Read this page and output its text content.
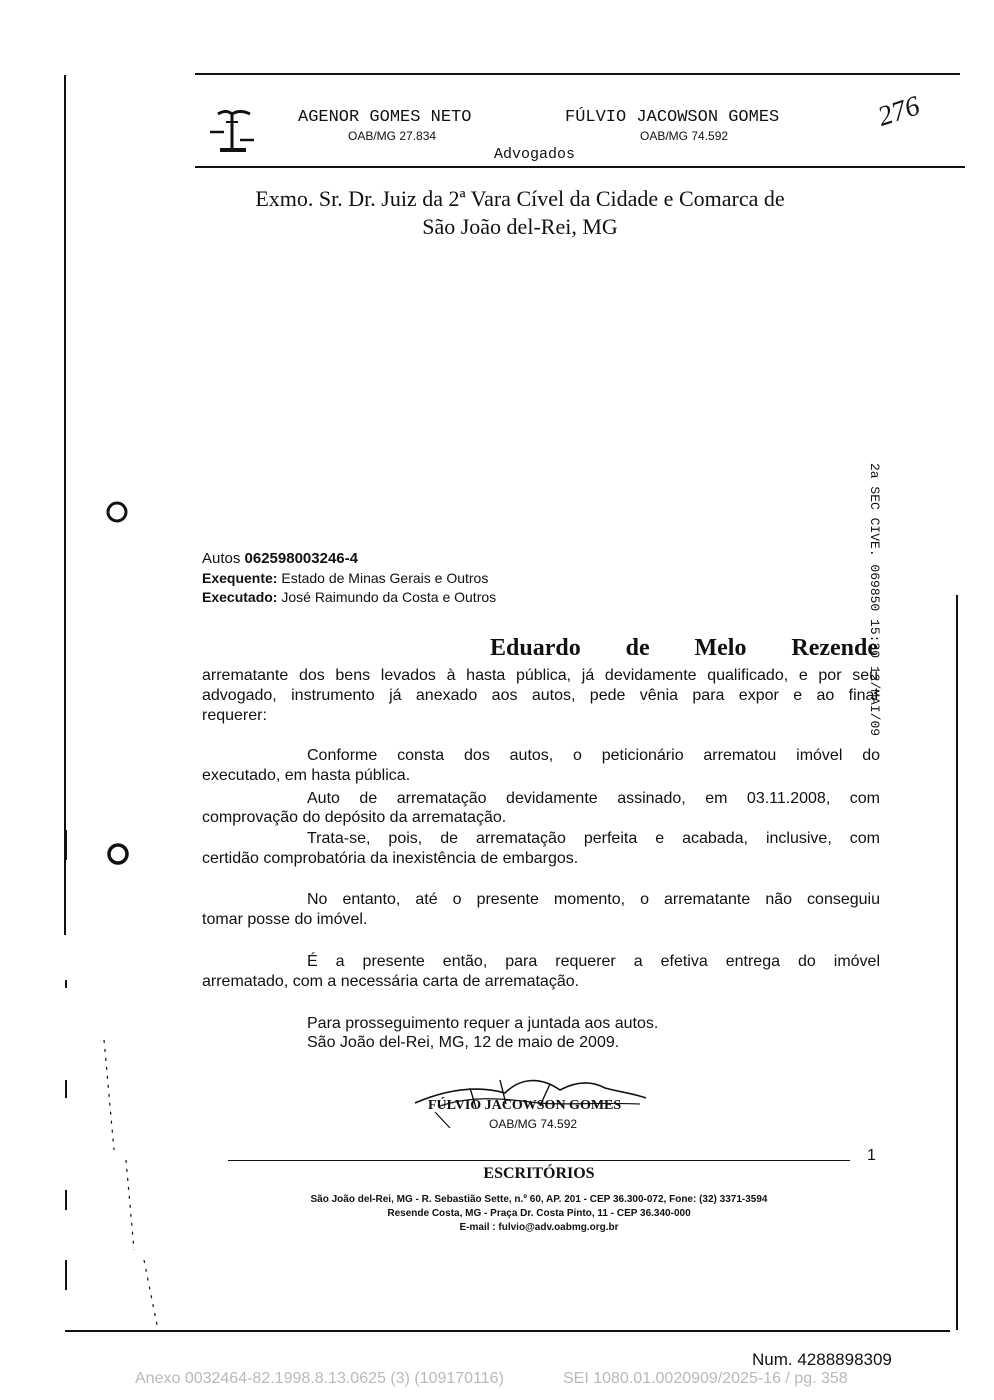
AGENOR GOMES NETO
OAB/MG 27.834
FÚLVIO JACOWSON GOMES
OAB/MG 74.592
Advogados
276
Exmo. Sr. Dr. Juiz da 2ª Vara Cível da Cidade e Comarca de
São João del-Rei, MG
2a SEC CIVE. 069850 15:30 12/MAI/09
Autos 062598003246-4
Exequente: Estado de Minas Gerais e Outros
Executado: José Raimundo da Costa e Outros
Eduardo de Melo Rezende
arrematante dos bens levados à hasta pública, já devidamente qualificado, e por seu
advogado, instrumento já anexado aos autos, pede vênia para expor e ao final
requerer:
Conforme consta dos autos, o peticionário arrematou imóvel do
executado, em hasta pública.
Auto de arrematação devidamente assinado, em 03.11.2008, com
comprovação do depósito da arrematação.
Trata-se, pois, de arrematação perfeita e acabada, inclusive, com
certidão comprobatória da inexistência de embargos.
No entanto, até o presente momento, o arrematante não conseguiu
tomar posse do imóvel.
É a presente então, para requerer a efetiva entrega do imóvel
arrematado, com a necessária carta de arrematação.
Para prosseguimento requer a juntada aos autos.
São João del-Rei, MG, 12 de maio de 2009.
FÚLVIO JACOWSON GOMES
OAB/MG 74.592
1
ESCRITÓRIOS
São João del-Rei, MG - R. Sebastião Sette, n.º 60, AP. 201 - CEP 36.300-072, Fone: (32) 3371-3594
Resende Costa, MG - Praça Dr. Costa Pinto, 11 - CEP 36.340-000
E-mail : fulvio@adv.oabmg.org.br
Num. 4288898309
Anexo 0032464-82.1998.8.13.0625 (3) (109170116)	SEI 1080.01.0020909/2025-16 / pg. 358
